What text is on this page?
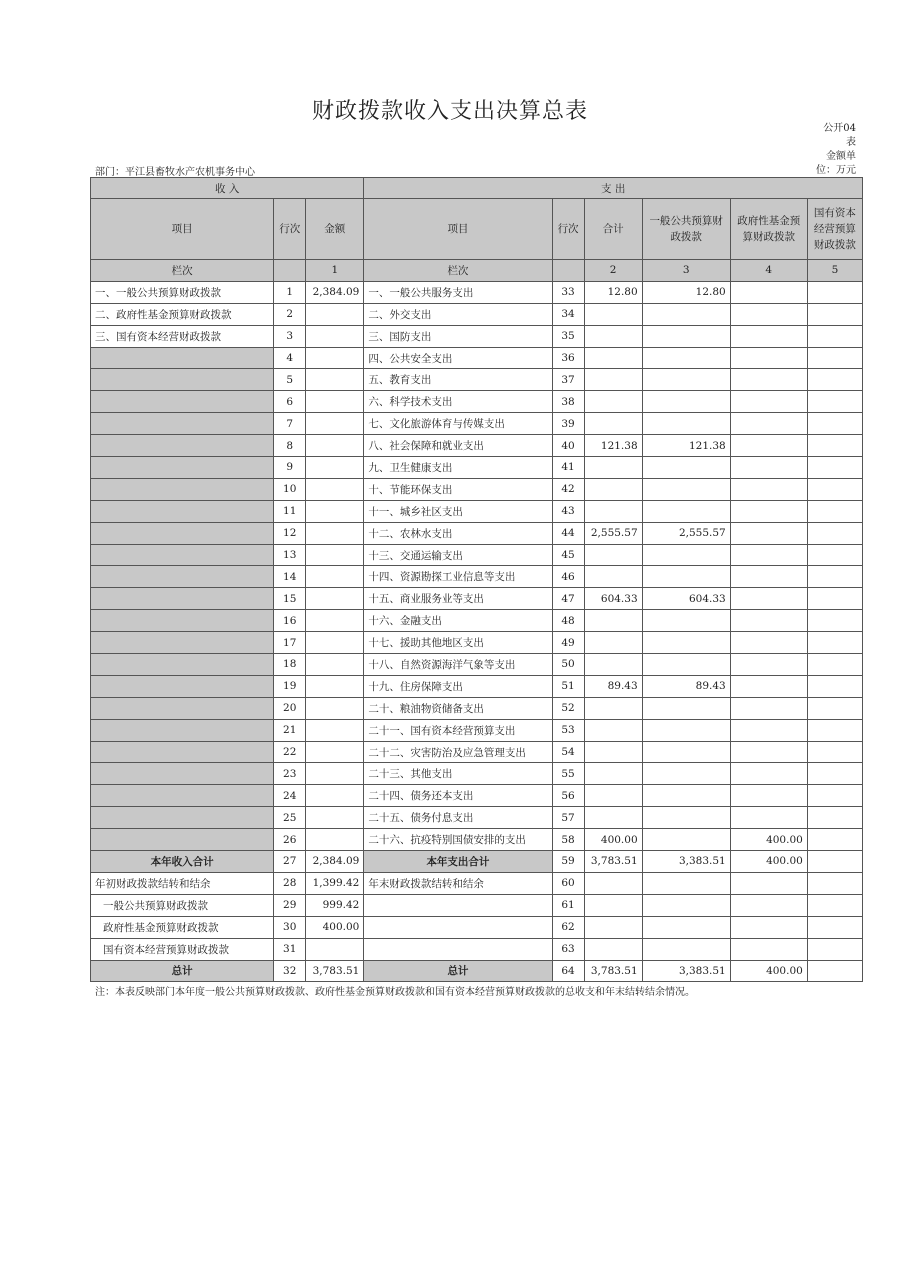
财政拨款收入支出决算总表
公开04表
金额单位：万元
部门：平江县畜牧水产农机事务中心
收 入			支 出					
项目	行次	金额	项目	行次	合计	一般公共预算财政拨款	政府性基金预算财政拨款	国有资本经营预算财政拨款
栏次		1	栏次		2	3	4	5
一、一般公共预算财政拨款	1	2,384.09	一、一般公共服务支出	33	12.80	12.80		
二、政府性基金预算财政拨款	2		二、外交支出	34				
三、国有资本经营财政拨款	3		三、国防支出	35				
	4		四、公共安全支出	36				
	5		五、教育支出	37				
	6		六、科学技术支出	38				
	7		七、文化旅游体育与传媒支出	39				
	8		八、社会保障和就业支出	40	121.38	121.38		
	9		九、卫生健康支出	41				
	10		十、节能环保支出	42				
	11		十一、城乡社区支出	43				
	12		十二、农林水支出	44	2,555.57	2,555.57		
	13		十三、交通运输支出	45				
	14		十四、资源勘探工业信息等支出	46				
	15		十五、商业服务业等支出	47	604.33	604.33		
	16		十六、金融支出	48				
	17		十七、援助其他地区支出	49				
	18		十八、自然资源海洋气象等支出	50				
	19		十九、住房保障支出	51	89.43	89.43		
	20		二十、粮油物资储备支出	52				
	21		二十一、国有资本经营预算支出	53				
	22		二十二、灾害防治及应急管理支出	54				
	23		二十三、其他支出	55				
	24		二十四、债务还本支出	56				
	25		二十五、债务付息支出	57				
	26		二十六、抗疫特别国债安排的支出	58	400.00		400.00	
本年收入合计	27	2,384.09	本年支出合计	59	3,783.51	3,383.51	400.00	
年初财政拨款结转和结余	28	1,399.42	年末财政拨款结转和结余	60				
一般公共预算财政拨款	29	999.42		61				
政府性基金预算财政拨款	30	400.00		62				
国有资本经营预算财政拨款	31			63				
总计	32	3,783.51	总计	64	3,783.51	3,383.51	400.00	
注：本表反映部门本年度一般公共预算财政拨款、政府性基金预算财政拨款和国有资本经营预算财政拨款的总收支和年末结转结余情况。
